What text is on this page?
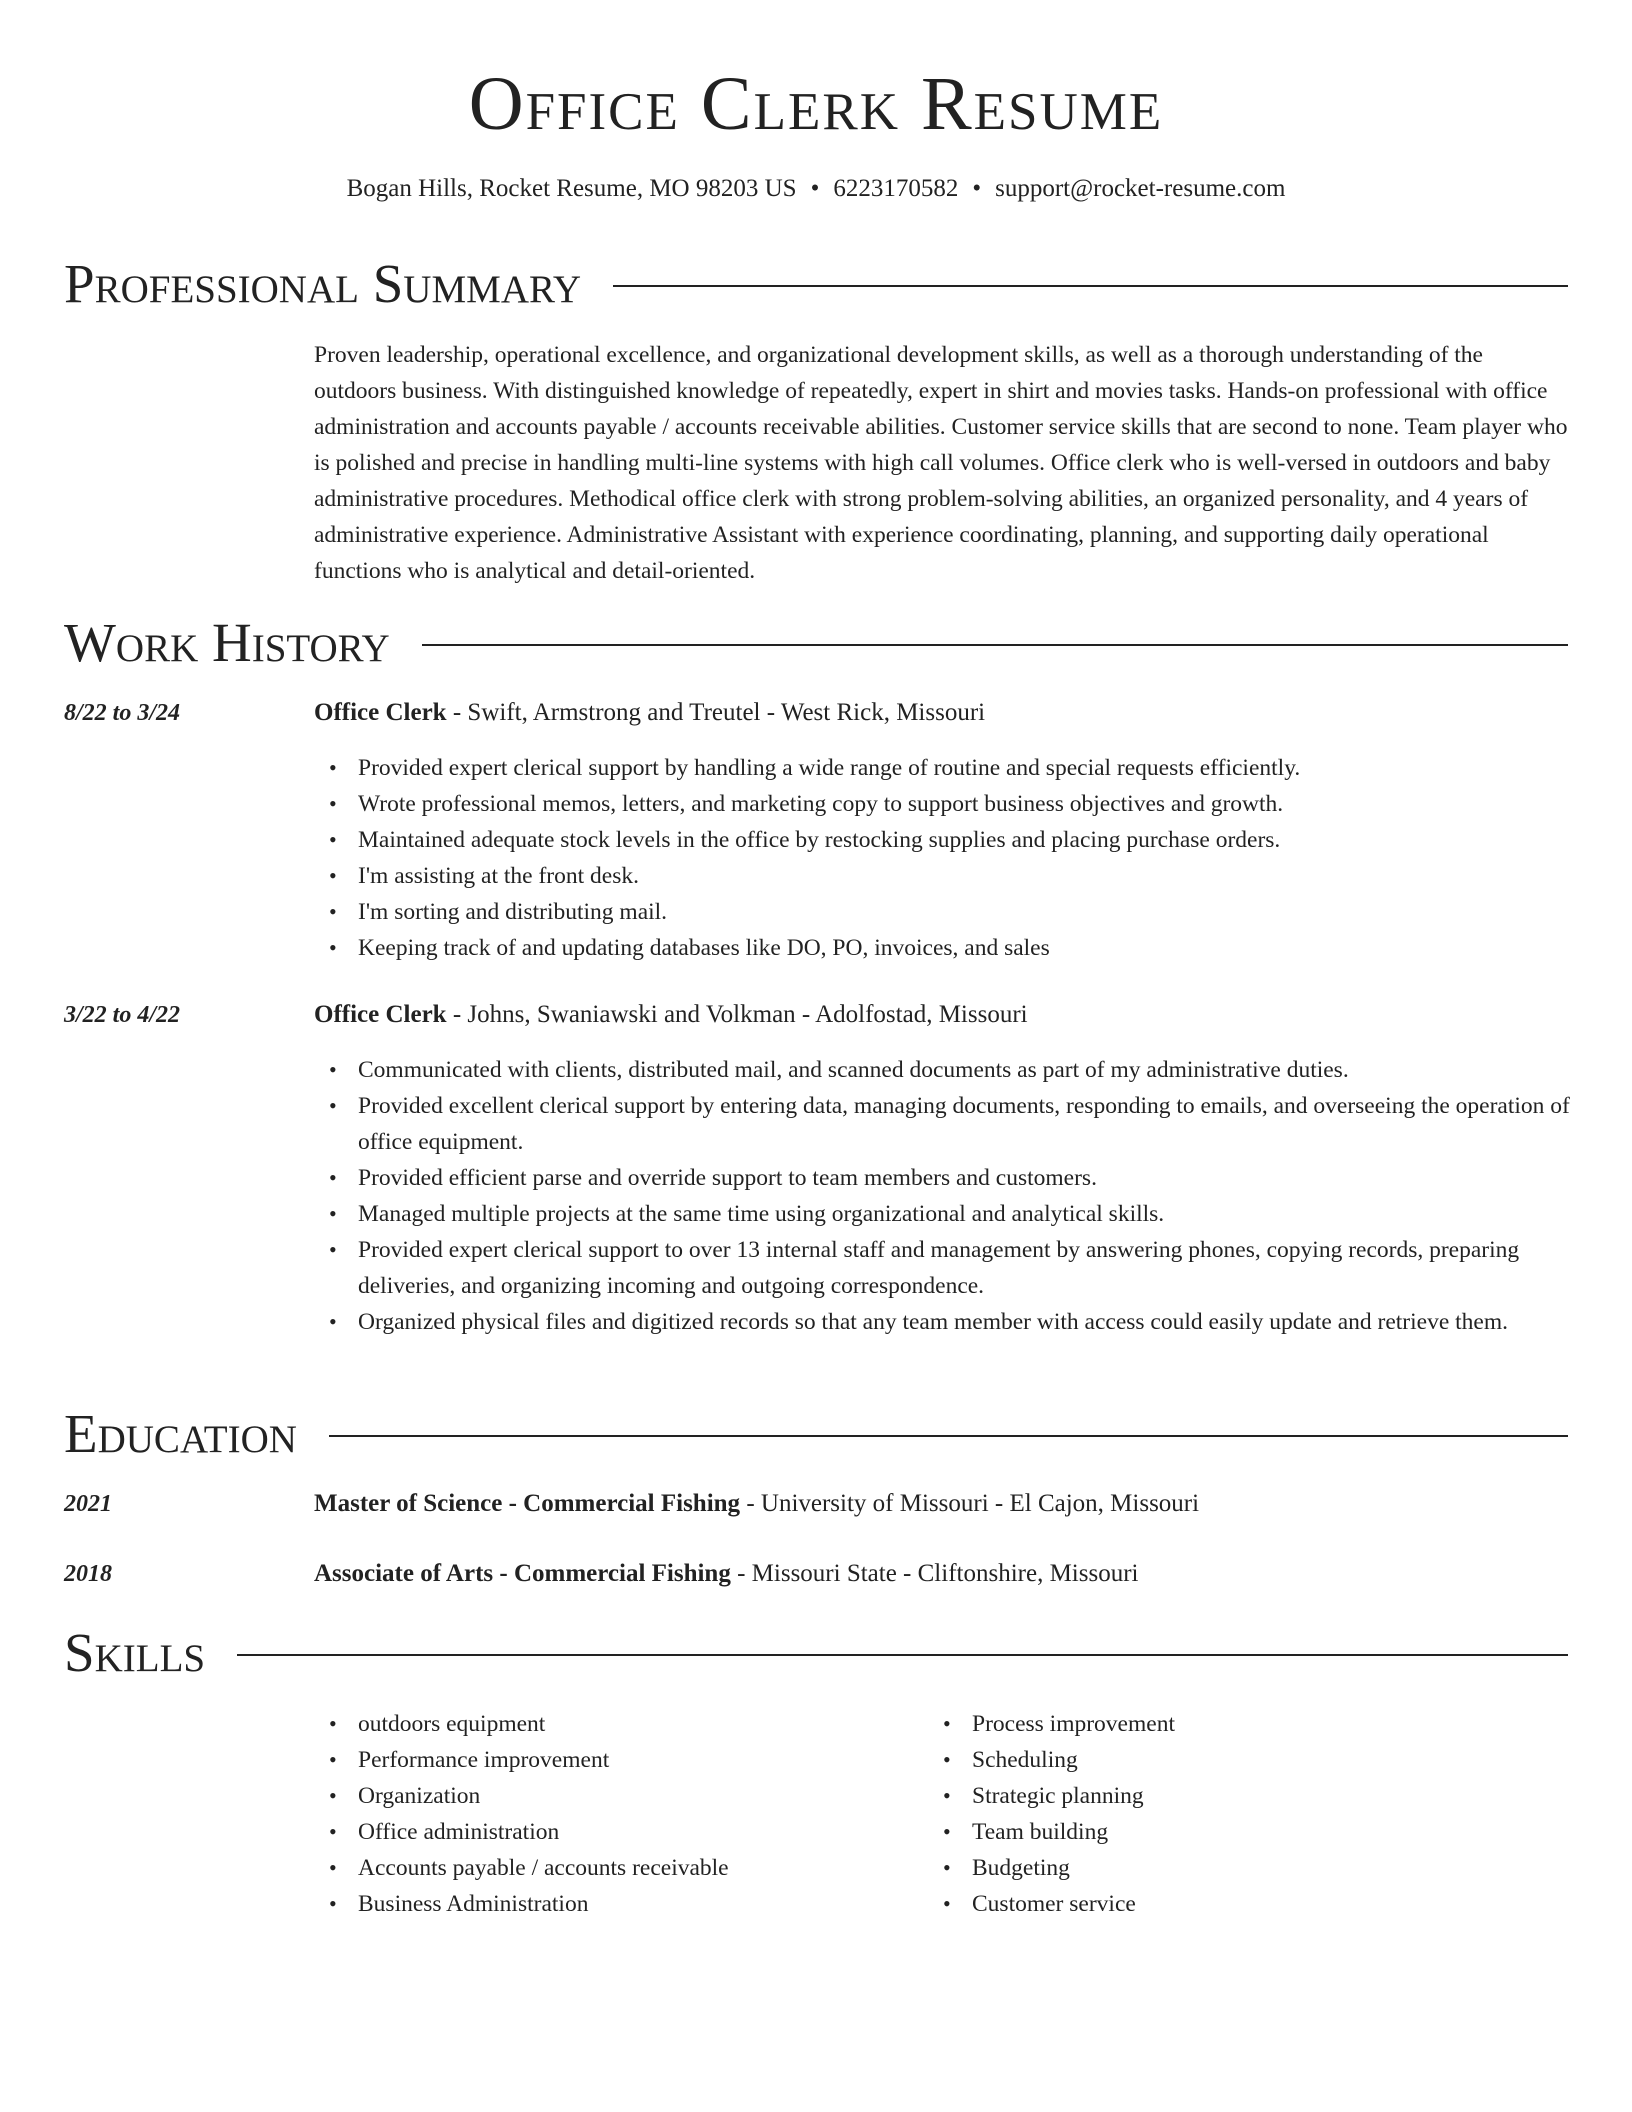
Office Clerk Resume
Bogan Hills, Rocket Resume, MO 98203 US • 6223170582 • support@rocket-resume.com
Professional Summary
Proven leadership, operational excellence, and organizational development skills, as well as a thorough understanding of the outdoors business. With distinguished knowledge of repeatedly, expert in shirt and movies tasks. Hands-on professional with office administration and accounts payable / accounts receivable abilities. Customer service skills that are second to none. Team player who is polished and precise in handling multi-line systems with high call volumes. Office clerk who is well-versed in outdoors and baby administrative procedures. Methodical office clerk with strong problem-solving abilities, an organized personality, and 4 years of administrative experience. Administrative Assistant with experience coordinating, planning, and supporting daily operational functions who is analytical and detail-oriented.
Work History
8/22 to 3/24	Office Clerk - Swift, Armstrong and Treutel - West Rick, Missouri
• Provided expert clerical support by handling a wide range of routine and special requests efficiently.
• Wrote professional memos, letters, and marketing copy to support business objectives and growth.
• Maintained adequate stock levels in the office by restocking supplies and placing purchase orders.
• I'm assisting at the front desk.
• I'm sorting and distributing mail.
• Keeping track of and updating databases like DO, PO, invoices, and sales
3/22 to 4/22	Office Clerk - Johns, Swaniawski and Volkman - Adolfostad, Missouri
• Communicated with clients, distributed mail, and scanned documents as part of my administrative duties.
• Provided excellent clerical support by entering data, managing documents, responding to emails, and overseeing the operation of office equipment.
• Provided efficient parse and override support to team members and customers.
• Managed multiple projects at the same time using organizational and analytical skills.
• Provided expert clerical support to over 13 internal staff and management by answering phones, copying records, preparing deliveries, and organizing incoming and outgoing correspondence.
• Organized physical files and digitized records so that any team member with access could easily update and retrieve them.
Education
2021	Master of Science - Commercial Fishing - University of Missouri - El Cajon, Missouri
2018	Associate of Arts - Commercial Fishing - Missouri State - Cliftonshire, Missouri
Skills
• outdoors equipment
• Performance improvement
• Organization
• Office administration
• Accounts payable / accounts receivable
• Business Administration
• Process improvement
• Scheduling
• Strategic planning
• Team building
• Budgeting
• Customer service
